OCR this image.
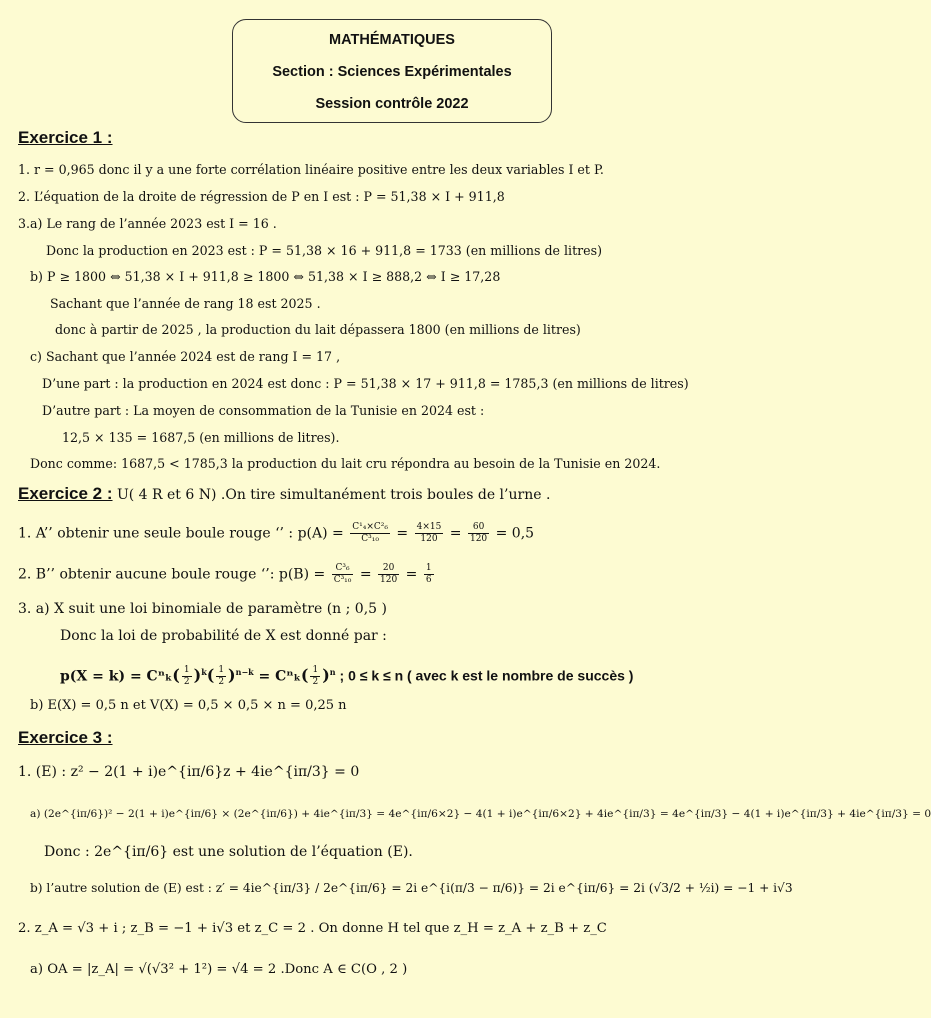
MATHÉMATIQUES
Section : Sciences Expérimentales
Session contrôle 2022
Exercice 1 :
1. r = 0,965 donc il y a une forte corrélation linéaire positive entre les deux variables I et P.
2. L’équation de la droite de régression de P en I est : P = 51,38 × I + 911,8
3.a) Le rang de l’année 2023 est I = 16 .
Donc la production en 2023 est : P = 51,38 × 16 + 911,8 = 1733 (en millions de litres)
b) P ≥ 1800 ⇔ 51,38 × I + 911,8 ≥ 1800 ⇔ 51,38 × I ≥ 888,2 ⇔ I ≥ 17,28
Sachant que l’année de rang 18 est 2025 .
donc à partir de 2025 , la production du lait dépassera 1800 (en millions de litres)
c) Sachant que l’année 2024 est de rang I = 17 ,
D’une part : la production en 2024 est donc : P = 51,38 × 17 + 911,8 = 1785,3 (en millions de litres)
D’autre part : La moyen de consommation de la Tunisie en 2024 est :
12,5 × 135 = 1687,5 (en millions de litres).
Donc comme: 1687,5 < 1785,3 la production du lait cru répondra au besoin de la Tunisie en 2024.
Exercice 2 : U( 4 R et 6 N) .On tire simultanément trois boules de l’urne .
1. A’’ obtenir une seule boule rouge ‘’ : $p(A) = \frac{\text{C¹₄×C²₆}}{\text{C³₁₀}} = \frac{4\times 15}{120} = \frac{60}{120} = 0,5$
2. B’’ obtenir aucune boule rouge ‘’: $p(B) = \frac{\text{C³₆}}{\text{C³₁₀}} = \frac{20}{120} = \frac{1}{6}$
3. a) X suit une loi binomiale de paramètre (n ; 0,5 )
Donc la loi de probabilité de X est donné par :
$p(X = k) = C^n_k( \frac{1}{2} )^k( \frac{1}{2} )^{n-k} = C^n_k( \frac{1}{2} )^n$ ; 0 ≤ k ≤ n ( avec k est le nombre de succès )
b) E(X) = 0,5 n et V(X) = 0,5 × 0,5 × n = 0,25 n
Exercice 3 :
1. (E) : z² − 2(1 + i)e^{iπ/6}z + 4ie^{iπ/3} = 0
a) (2e^{iπ/6})² − 2(1 + i)e^{iπ/6} × (2e^{iπ/6}) + 4ie^{iπ/3} = 4e^{iπ/6×2} − 4(1 + i)e^{iπ/6×2} + 4ie^{iπ/3} = 4e^{iπ/3} − 4(1 + i)e^{iπ/3} + 4ie^{iπ/3} = 0
Donc : 2e^{iπ/6} est une solution de l’équation (E).
b) l’autre solution de (E) est : z′ = 4ie^{iπ/3} / 2e^{iπ/6} = 2i e^{i(π/3 − π/6)} = 2i e^{iπ/6} = 2i (√3/2 + ½i) = −1 + i√3
2. z_A = √3 + i ; z_B = −1 + i√3 et z_C = 2 . On donne H tel que z_H = z_A + z_B + z_C
a) OA = |z_A| = √(√3² + 1²) = √4 = 2 .Donc A ∈ C(O , 2 )
